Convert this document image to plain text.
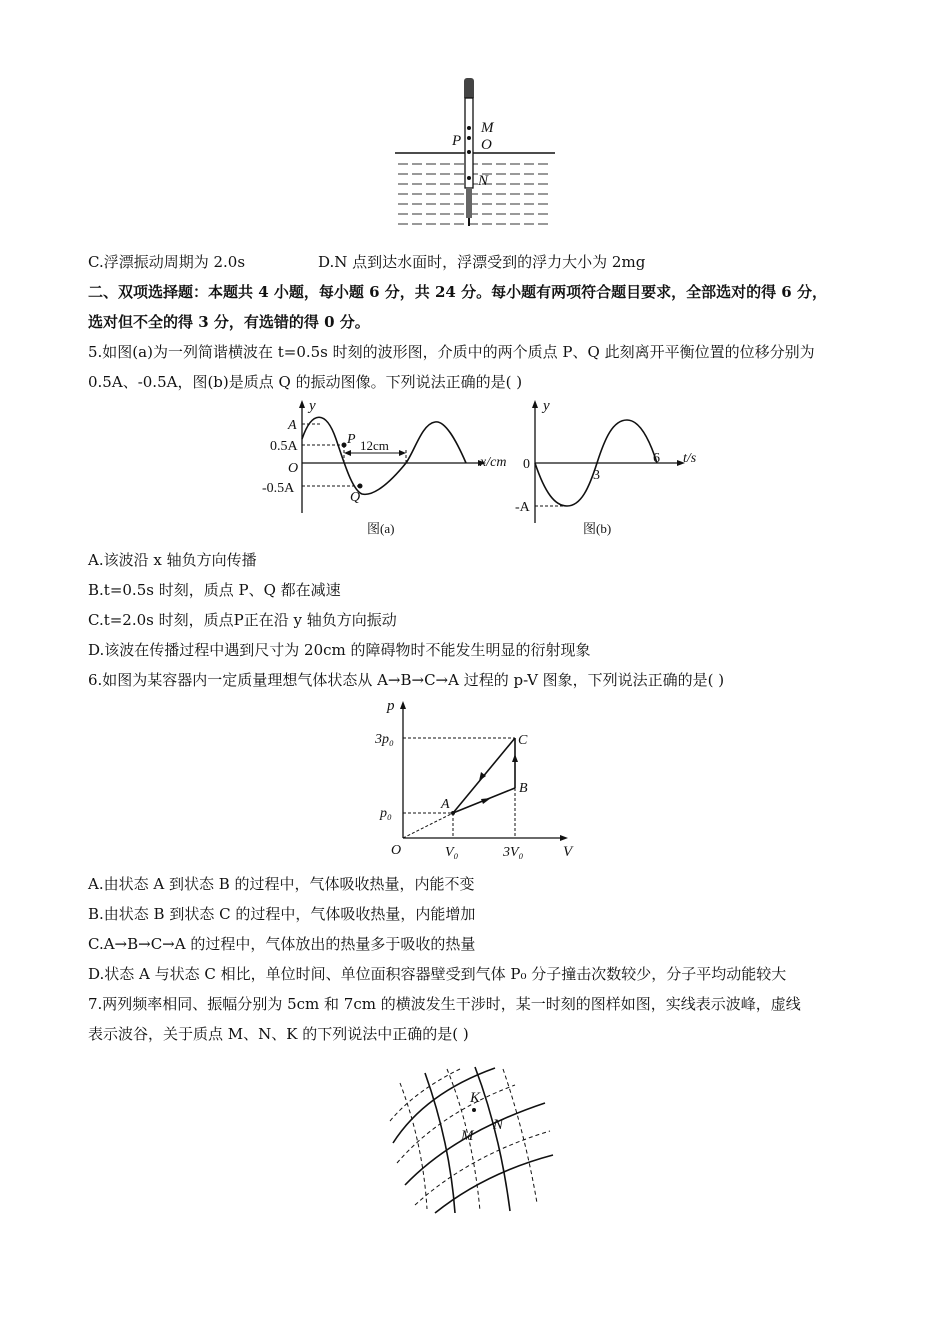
M
P O
N
C.浮漂振动周期为 2.0s	D.N 点到达水面时，浮漂受到的浮力大小为 2mg
二、双项选择题：本题共 4 小题，每小题 6 分，共 24 分。每小题有两项符合题目要求，全部选对的得 6 分，
选对但不全的得 3 分，有选错的得 0 分。
5.如图(a)为一列简谐横波在 t=0.5s 时刻的波形图，介质中的两个质点 P、Q 此刻离开平衡位置的位移分别为
0.5A、-0.5A，图(b)是质点 Q 的振动图像。下列说法正确的是( )
y
A
0.5A
O
-0.5A
P
Q
12cm
x/cm
图(a)
y
0
-A
3
6 t/s
图(b)
A.该波沿 x 轴负方向传播
B.t=0.5s 时刻，质点 P、Q 都在减速
C.t=2.0s 时刻，质点P正在沿 y 轴负方向振动
D.该波在传播过程中遇到尺寸为 20cm 的障碍物时不能发生明显的衍射现象
6.如图为某容器内一定质量理想气体状态从 A→B→C→A 过程的 p-V 图象，下列说法正确的是( )
p
3p₀
p₀
O	V₀	3V₀	V
A
B
C
A.由状态 A 到状态 B 的过程中，气体吸收热量，内能不变
B.由状态 B 到状态 C 的过程中，气体吸收热量，内能增加
C.A→B→C→A 的过程中，气体放出的热量多于吸收的热量
D.状态 A 与状态 C 相比，单位时间、单位面积容器壁受到气体 P₀ 分子撞击次数较少，分子平均动能较大
7.两列频率相同、振幅分别为 5cm 和 7cm 的横波发生干涉时，某一时刻的图样如图，实线表示波峰，虚线
表示波谷，关于质点 M、N、K 的下列说法中正确的是( )
K
M
N
